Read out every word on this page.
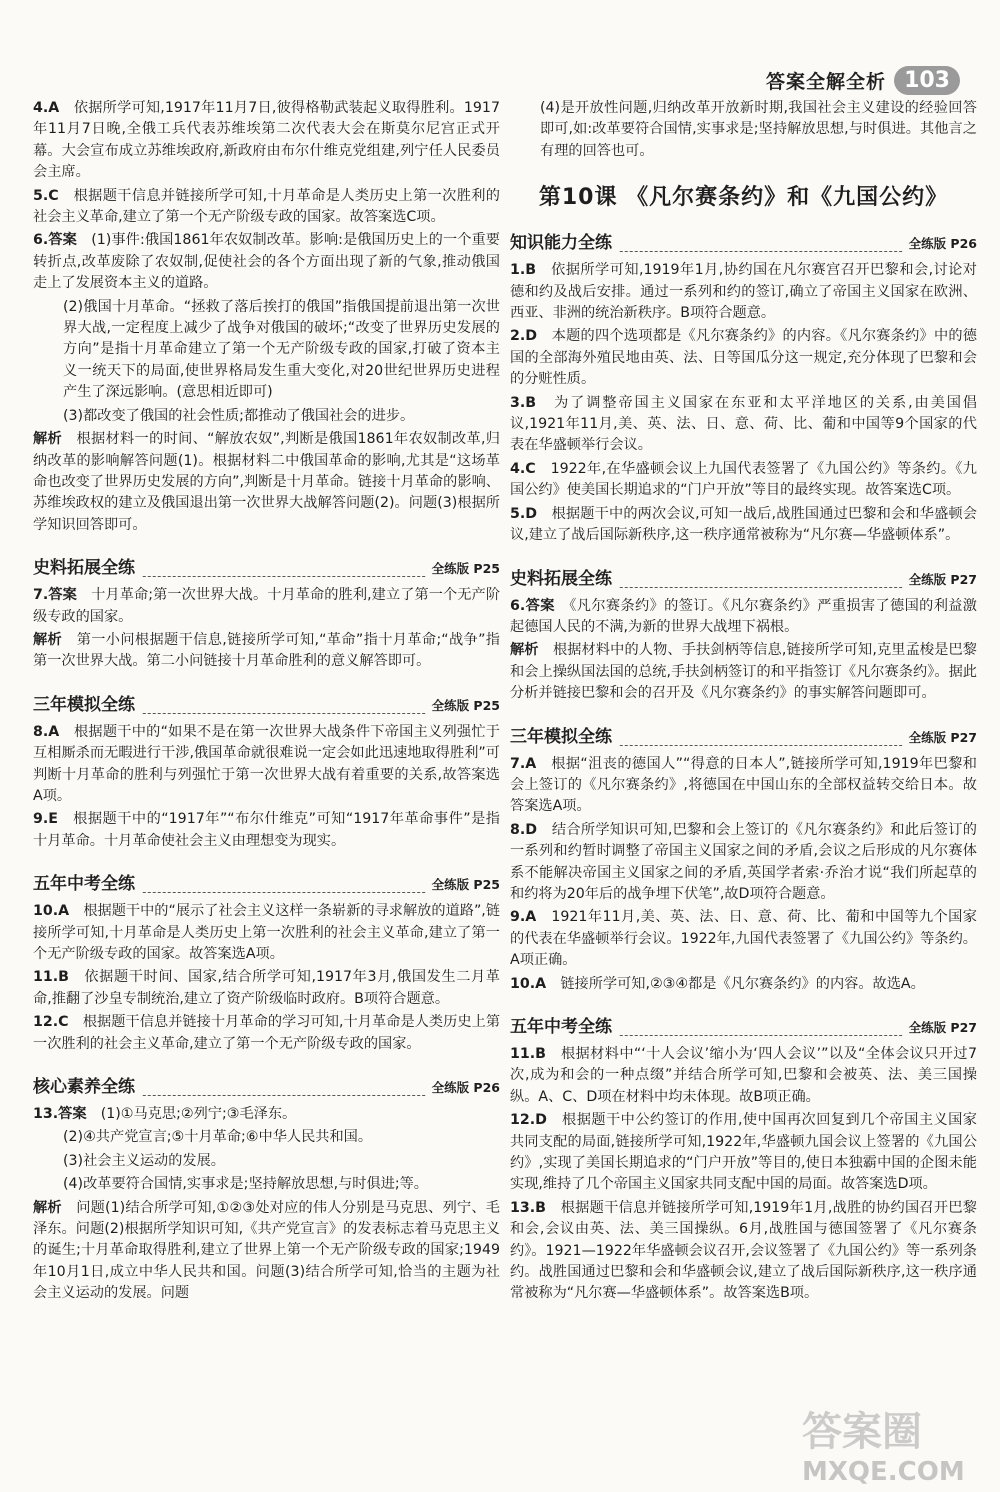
答案全解全析 103

4.A　依据所学可知,1917年11月7日,彼得格勒武装起义取得胜利。1917年11月7日晚,全俄工兵代表苏维埃第二次代表大会在斯莫尔尼宫正式开幕。大会宣布成立苏维埃政府,新政府由布尔什维克党组建,列宁任人民委员会主席。

5.C　根据题干信息并链接所学可知,十月革命是人类历史上第一次胜利的社会主义革命,建立了第一个无产阶级专政的国家。故答案选C项。

6.答案　(1)事件:俄国1861年农奴制改革。影响:是俄国历史上的一个重要转折点,改革废除了农奴制,促使社会的各个方面出现了新的气象,推动俄国走上了发展资本主义的道路。

(2)俄国十月革命。“拯救了落后挨打的俄国”指俄国提前退出第一次世界大战,一定程度上减少了战争对俄国的破坏;“改变了世界历史发展的方向”是指十月革命建立了第一个无产阶级专政的国家,打破了资本主义一统天下的局面,使世界格局发生重大变化,对20世纪世界历史进程产生了深远影响。(意思相近即可)

(3)都改变了俄国的社会性质;都推动了俄国社会的进步。

解析　根据材料一的时间、“解放农奴”,判断是俄国1861年农奴制改革,归纳改革的影响解答问题(1)。根据材料二中俄国革命的影响,尤其是“这场革命也改变了世界历史发展的方向”,判断是十月革命。链接十月革命的影响、苏维埃政权的建立及俄国退出第一次世界大战解答问题(2)。问题(3)根据所学知识回答即可。

史料拓展全练	全练版 P25

7.答案　十月革命;第一次世界大战。十月革命的胜利,建立了第一个无产阶级专政的国家。

解析　第一小问根据题干信息,链接所学可知,“革命”指十月革命;“战争”指第一次世界大战。第二小问链接十月革命胜利的意义解答即可。

三年模拟全练	全练版 P25

8.A　根据题干中的“如果不是在第一次世界大战条件下帝国主义列强忙于互相厮杀而无暇进行干涉,俄国革命就很难说一定会如此迅速地取得胜利”可判断十月革命的胜利与列强忙于第一次世界大战有着重要的关系,故答案选A项。

9.E　根据题干中的“1917年”“布尔什维克”可知“1917年革命事件”是指十月革命。十月革命使社会主义由理想变为现实。

五年中考全练	全练版 P25

10.A　根据题干中的“展示了社会主义这样一条崭新的寻求解放的道路”,链接所学可知,十月革命是人类历史上第一次胜利的社会主义革命,建立了第一个无产阶级专政的国家。故答案选A项。

11.B　依据题干时间、国家,结合所学可知,1917年3月,俄国发生二月革命,推翻了沙皇专制统治,建立了资产阶级临时政府。B项符合题意。

12.C　根据题干信息并链接十月革命的学习可知,十月革命是人类历史上第一次胜利的社会主义革命,建立了第一个无产阶级专政的国家。

核心素养全练	全练版 P26

13.答案　(1)①马克思;②列宁;③毛泽东。

(2)④共产党宣言;⑤十月革命;⑥中华人民共和国。

(3)社会主义运动的发展。

(4)改革要符合国情,实事求是;坚持解放思想,与时俱进;等。

解析　问题(1)结合所学可知,①②③处对应的伟人分别是马克思、列宁、毛泽东。问题(2)根据所学知识可知,《共产党宣言》的发表标志着马克思主义的诞生;十月革命取得胜利,建立了世界上第一个无产阶级专政的国家;1949年10月1日,成立中华人民共和国。问题(3)结合所学可知,恰当的主题为社会主义运动的发展。问题

(4)是开放性问题,归纳改革开放新时期,我国社会主义建设的经验回答即可,如:改革要符合国情,实事求是;坚持解放思想,与时俱进。其他言之有理的回答也可。

第10课 《凡尔赛条约》和《九国公约》
知识能力全练	全练版 P26

1.B　依据所学可知,1919年1月,协约国在凡尔赛宫召开巴黎和会,讨论对德和约及战后安排。通过一系列和约的签订,确立了帝国主义国家在欧洲、西亚、非洲的统治新秩序。B项符合题意。

2.D　本题的四个选项都是《凡尔赛条约》的内容。《凡尔赛条约》中的德国的全部海外殖民地由英、法、日等国瓜分这一规定,充分体现了巴黎和会的分赃性质。

3.B　为了调整帝国主义国家在东亚和太平洋地区的关系,由美国倡议,1921年11月,美、英、法、日、意、荷、比、葡和中国等9个国家的代表在华盛顿举行会议。

4.C　1922年,在华盛顿会议上九国代表签署了《九国公约》等条约。《九国公约》使美国长期追求的“门户开放”等目的最终实现。故答案选C项。

5.D　根据题干中的两次会议,可知一战后,战胜国通过巴黎和会和华盛顿会议,建立了战后国际新秩序,这一秩序通常被称为“凡尔赛—华盛顿体系”。

史料拓展全练	全练版 P27

6.答案　《凡尔赛条约》的签订。《凡尔赛条约》严重损害了德国的利益激起德国人民的不满,为新的世界大战埋下祸根。

解析　根据材料中的人物、手扶剑柄等信息,链接所学可知,克里孟梭是巴黎和会上操纵国法国的总统,手扶剑柄签订的和平指签订《凡尔赛条约》。据此分析并链接巴黎和会的召开及《凡尔赛条约》的事实解答问题即可。

三年模拟全练	全练版 P27

7.A　根据“沮丧的德国人”“得意的日本人”,链接所学可知,1919年巴黎和会上签订的《凡尔赛条约》,将德国在中国山东的全部权益转交给日本。故答案选A项。

8.D　结合所学知识可知,巴黎和会上签订的《凡尔赛条约》和此后签订的一系列和约暂时调整了帝国主义国家之间的矛盾,会议之后形成的凡尔赛体系不能解决帝国主义国家之间的矛盾,英国学者索·乔治才说“我们所起草的和约将为20年后的战争埋下伏笔”,故D项符合题意。

9.A　1921年11月,美、英、法、日、意、荷、比、葡和中国等九个国家的代表在华盛顿举行会议。1922年,九国代表签署了《九国公约》等条约。A项正确。

10.A　链接所学可知,②③④都是《凡尔赛条约》的内容。故选A。

五年中考全练	全练版 P27

11.B　根据材料中“‘十人会议’缩小为‘四人会议’”以及“全体会议只开过7次,成为和会的一种点缀”并结合所学可知,巴黎和会被英、法、美三国操纵。A、C、D项在材料中均未体现。故B项正确。

12.D　根据题干中公约签订的作用,使中国再次回复到几个帝国主义国家共同支配的局面,链接所学可知,1922年,华盛顿九国会议上签署的《九国公约》,实现了美国长期追求的“门户开放”等目的,使日本独霸中国的企图未能实现,维持了几个帝国主义国家共同支配中国的局面。故答案选D项。

13.B　根据题干信息并链接所学可知,1919年1月,战胜的协约国召开巴黎和会,会议由英、法、美三国操纵。6月,战胜国与德国签署了《凡尔赛条约》。1921—1922年华盛顿会议召开,会议签署了《九国公约》等一系列条约。战胜国通过巴黎和会和华盛顿会议,建立了战后国际新秩序,这一秩序通常被称为“凡尔赛—华盛顿体系”。故答案选B项。

答案圈
MXQE.COM
